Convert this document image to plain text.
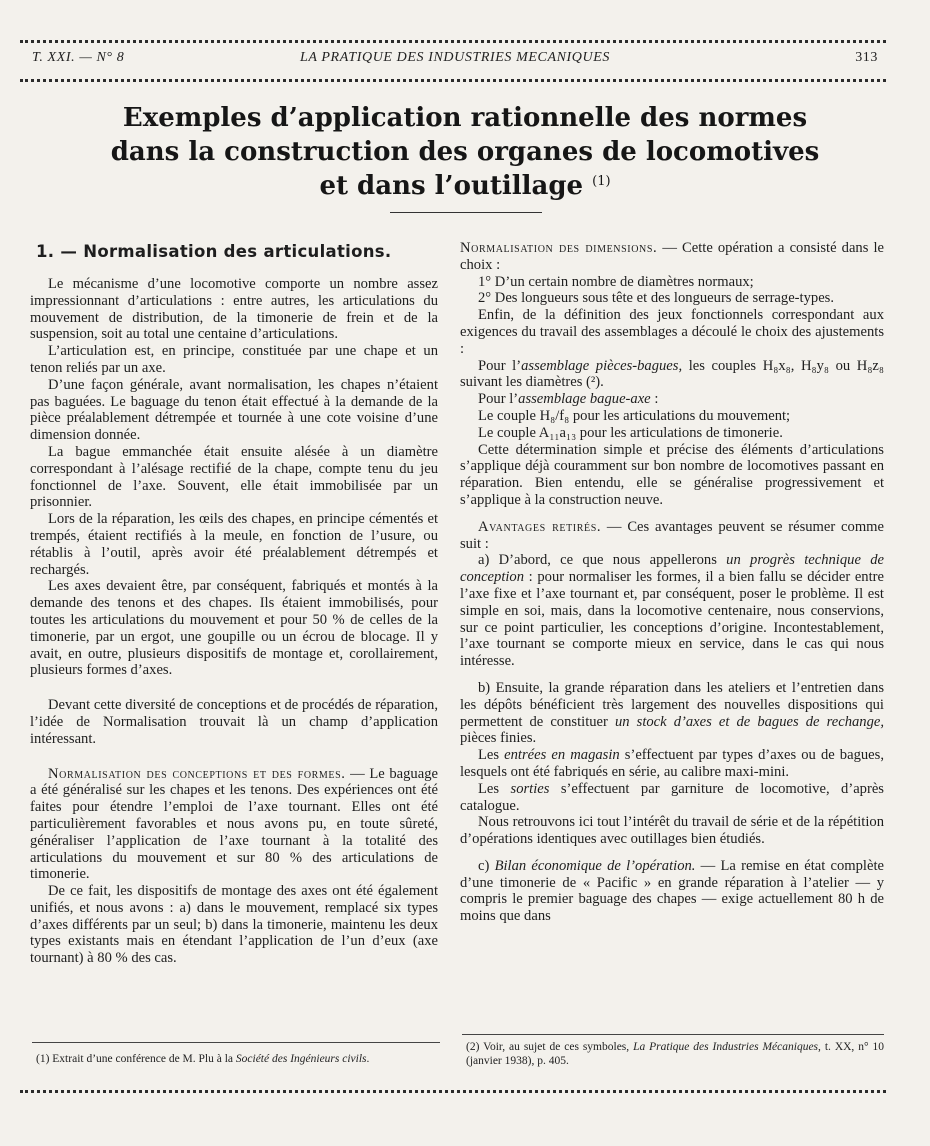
T. XXI. — N° 8	LA PRATIQUE DES INDUSTRIES MECANIQUES	313
Exemples d’application rationnelle des normes
dans la construction des organes de locomotives
et dans l’outillage $^{(1)}$
1. — Normalisation des articulations.

Le mécanisme d’une locomotive comporte un nombre assez impressionnant d’articulations : entre autres, les articulations du mouvement de distribution, de la timonerie de frein et de la suspension, soit au total une centaine d’articulations.

L’articulation est, en principe, constituée par une chape et un tenon reliés par un axe.

D’une façon générale, avant normalisation, les chapes n’étaient pas baguées. Le baguage du tenon était effectué à la demande de la pièce préalablement détrempée et tournée à une cote voisine d’une dimension donnée.

La bague emmanchée était ensuite alésée à un diamètre correspondant à l’alésage rectifié de la chape, compte tenu du jeu fonctionnel de l’axe. Souvent, elle était immobilisée par un prisonnier.

Lors de la réparation, les œils des chapes, en principe cémentés et trempés, étaient rectifiés à la meule, en fonction de l’usure, ou rétablis à l’outil, après avoir été préalablement détrempés et rechargés.

Les axes devaient être, par conséquent, fabriqués et montés à la demande des tenons et des chapes. Ils étaient immobilisés, pour toutes les articulations du mouvement et pour 50 % de celles de la timonerie, par un ergot, une goupille ou un écrou de blocage. Il y avait, en outre, plusieurs dispositifs de montage et, corollairement, plusieurs formes d’axes.

Devant cette diversité de conceptions et de procédés de réparation, l’idée de Normalisation trouvait là un champ d’application intéressant.

Normalisation des conceptions et des formes. — Le baguage a été généralisé sur les chapes et les tenons. Des expériences ont été faites pour étendre l’emploi de l’axe tournant. Elles ont été particulièrement favorables et nous avons pu, en toute sûreté, généraliser l’application de l’axe tournant à la totalité des articulations du mouvement et sur 80 % des articulations de timonerie.

De ce fait, les dispositifs de montage des axes ont été également unifiés, et nous avons : a) dans le mouvement, remplacé six types d’axes différents par un seul; b) dans la timonerie, maintenu les deux types existants mais en étendant l’application de l’un d’eux (axe tournant) à 80 % des cas.

Normalisation des dimensions. — Cette opération a consisté dans le choix :

1° D’un certain nombre de diamètres normaux;

2° Des longueurs sous tête et des longueurs de serrage-types.

Enfin, de la définition des jeux fonctionnels correspondant aux exigences du travail des assemblages a découlé le choix des ajustements :

Pour l’assemblage pièces-bagues, les couples H₈x₈, H₈y₈ ou H₈z₈ suivant les diamètres (²).

Pour l’assemblage bague-axe :

Le couple H₈/f₈ pour les articulations du mouvement;

Le couple A₁₁a₁₃ pour les articulations de timonerie.

Cette détermination simple et précise des éléments d’articulations s’applique déjà couramment sur bon nombre de locomotives passant en réparation. Bien entendu, elle se généralise progressivement et s’applique à la construction neuve.

Avantages retirés. — Ces avantages peuvent se résumer comme suit :

a) D’abord, ce que nous appellerons un progrès technique de conception : pour normaliser les formes, il a bien fallu se décider entre l’axe fixe et l’axe tournant et, par conséquent, poser le problème. Il est simple en soi, mais, dans la locomotive centenaire, nous conservions, sur ce point particulier, les conceptions d’origine. Incontestablement, l’axe tournant se comporte mieux en service, dans le cas qui nous intéresse.

b) Ensuite, la grande réparation dans les ateliers et l’entretien dans les dépôts bénéficient très largement des nouvelles dispositions qui permettent de constituer un stock d’axes et de bagues de rechange, pièces finies.

Les entrées en magasin s’effectuent par types d’axes ou de bagues, lesquels ont été fabriqués en série, au calibre maxi-mini.

Les sorties s’effectuent par garniture de locomotive, d’après catalogue.

Nous retrouvons ici tout l’intérêt du travail de série et de la répétition d’opérations identiques avec outillages bien étudiés.

c) Bilan économique de l’opération. — La remise en état complète d’une timonerie de « Pacific » en grande réparation à l’atelier — y compris le premier baguage des chapes — exige actuellement 80 h de moins que dans

(1) Extrait d’une conférence de M. Plu à la Société des Ingénieurs civils.
(2) Voir, au sujet de ces symboles, La Pratique des Industries Mécaniques, t. XX, n° 10 (janvier 1938), p. 405.
